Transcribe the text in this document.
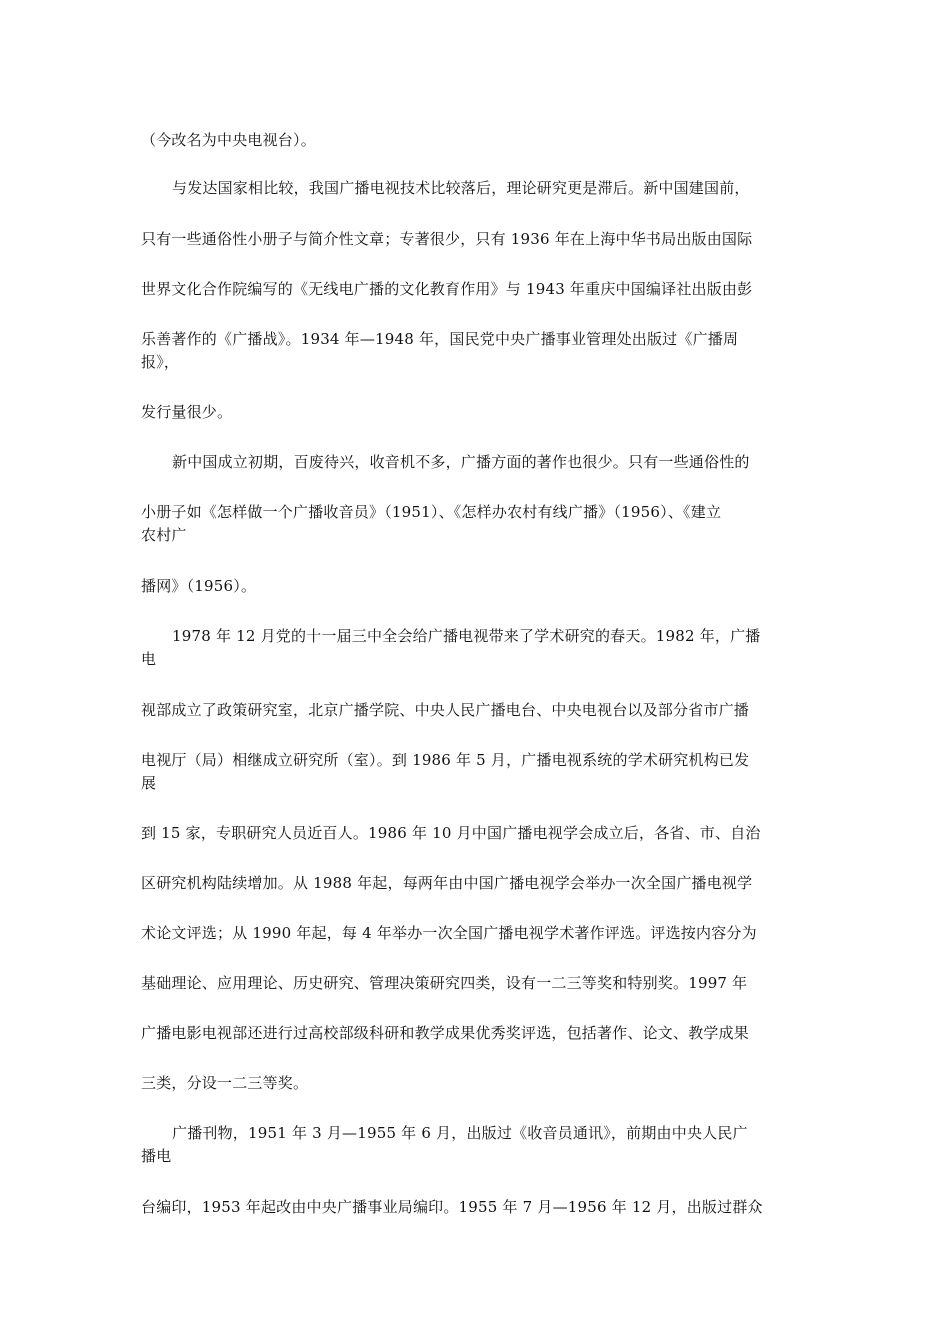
（今改名为中央电视台）。
与发达国家相比较，我国广播电视技术比较落后，理论研究更是滞后。新中国建国前，
只有一些通俗性小册子与简介性文章；专著很少，只有 1936 年在上海中华书局出版由国际
世界文化合作院编写的《无线电广播的文化教育作用》与 1943 年重庆中国编译社出版由彭
乐善著作的《广播战》。1934 年—1948 年，国民党中央广播事业管理处出版过《广播周
报》，
发行量很少。
新中国成立初期，百废待兴，收音机不多，广播方面的著作也很少。只有一些通俗性的
小册子如《怎样做一个广播收音员》（1951）、《怎样办农村有线广播》（1956）、《建立
农村广
播网》（1956）。
1978 年 12 月党的十一届三中全会给广播电视带来了学术研究的春天。1982 年，广播
电
视部成立了政策研究室，北京广播学院、中央人民广播电台、中央电视台以及部分省市广播
电视厅（局）相继成立研究所（室）。到 1986 年 5 月，广播电视系统的学术研究机构已发
展
到 15 家，专职研究人员近百人。1986 年 10 月中国广播电视学会成立后，各省、市、自治
区研究机构陆续增加。从 1988 年起，每两年由中国广播电视学会举办一次全国广播电视学
术论文评选；从 1990 年起，每 4 年举办一次全国广播电视学术著作评选。评选按内容分为
基础理论、应用理论、历史研究、管理决策研究四类，设有一二三等奖和特别奖。1997 年
广播电影电视部还进行过高校部级科研和教学成果优秀奖评选，包括著作、论文、教学成果
三类，分设一二三等奖。
广播刊物，1951 年 3 月—1955 年 6 月，出版过《收音员通讯》，前期由中央人民广
播电
台编印，1953 年起改由中央广播事业局编印。1955 年 7 月—1956 年 12 月，出版过群众
